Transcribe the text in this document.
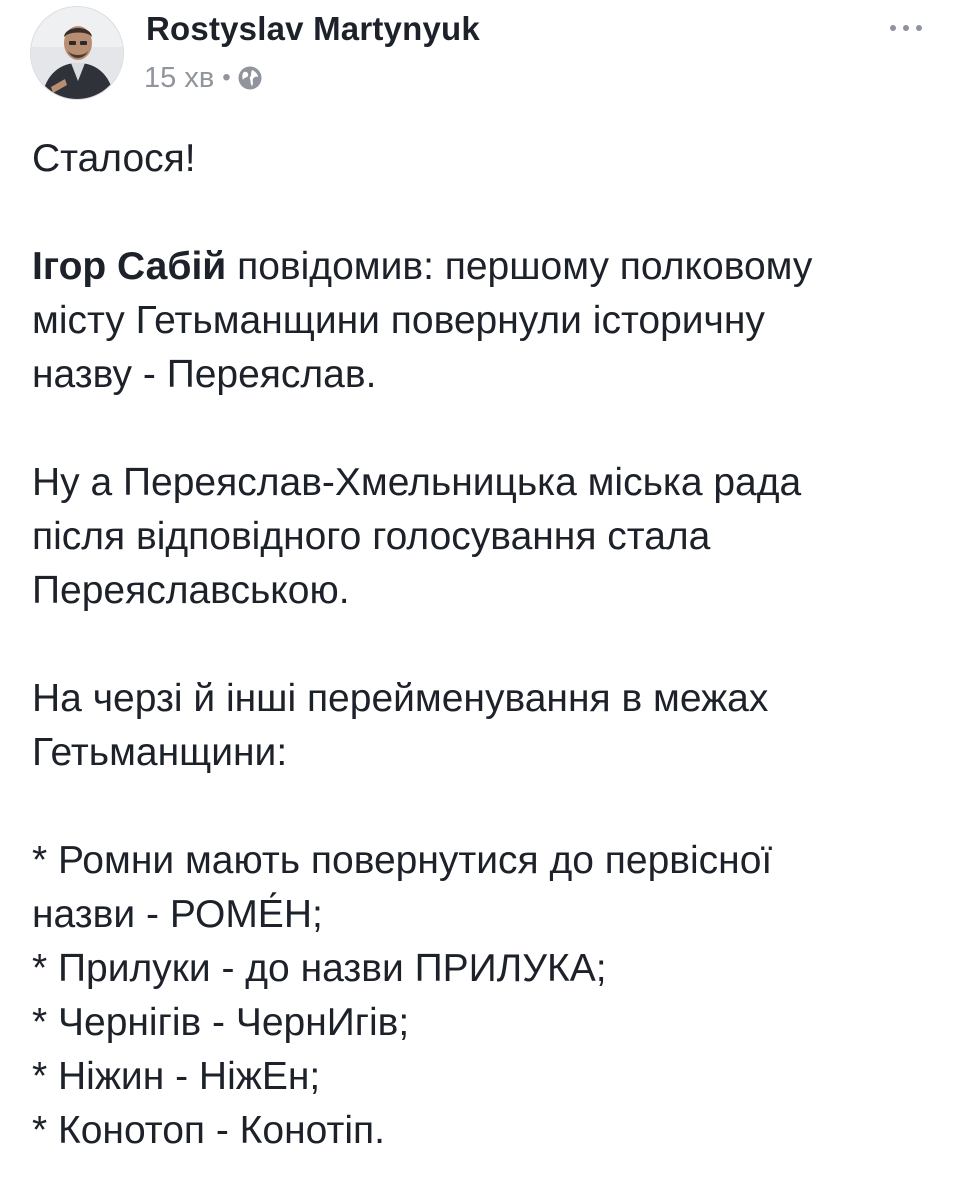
Rostyslav Martynyuk
15 хв •

Сталося!

Ігор Сабій повідомив: першому полковому
місту Гетьманщини повернули історичну
назву - Переяслав.

Ну а Переяслав-Хмельницька міська рада
після відповідного голосування стала
Переяславською.

На черзі й інші перейменування в межах
Гетьманщини:

* Ромни мають повернутися до первісної
назви - РОМЕ́Н;
* Прилуки - до назви ПРИЛУКА;
* Чернігів - ЧернИгів;
* Ніжин - НіжЕн;
* Конотоп - Конотіп.
